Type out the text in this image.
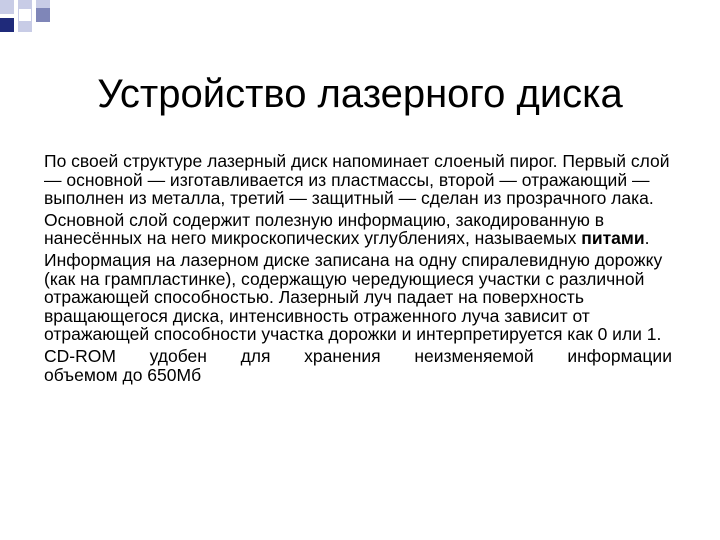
Устройство лазерного диска

По своей структуре лазерный диск напоминает слоеный пирог. Первый слой — основной — изготавливается из пластмассы, второй — отражающий — выполнен из металла, третий — защитный — сделан из прозрачного лака.

Основной слой содержит полезную информацию, закодированную в нанесённых на него микроскопических углублениях, называемых питами.

Информация на лазерном диске записана на одну спиралевидную дорожку (как на грампластинке), содержащую чередующиеся участки с различной отражающей способностью. Лазерный луч падает на поверхность вращающегося диска, интенсивность отраженного луча зависит от отражающей способности участка дорожки и интерпретируется как 0 или 1.

CD-ROM удобен для хранения неизменяемой информации
объемом до 650Мб
